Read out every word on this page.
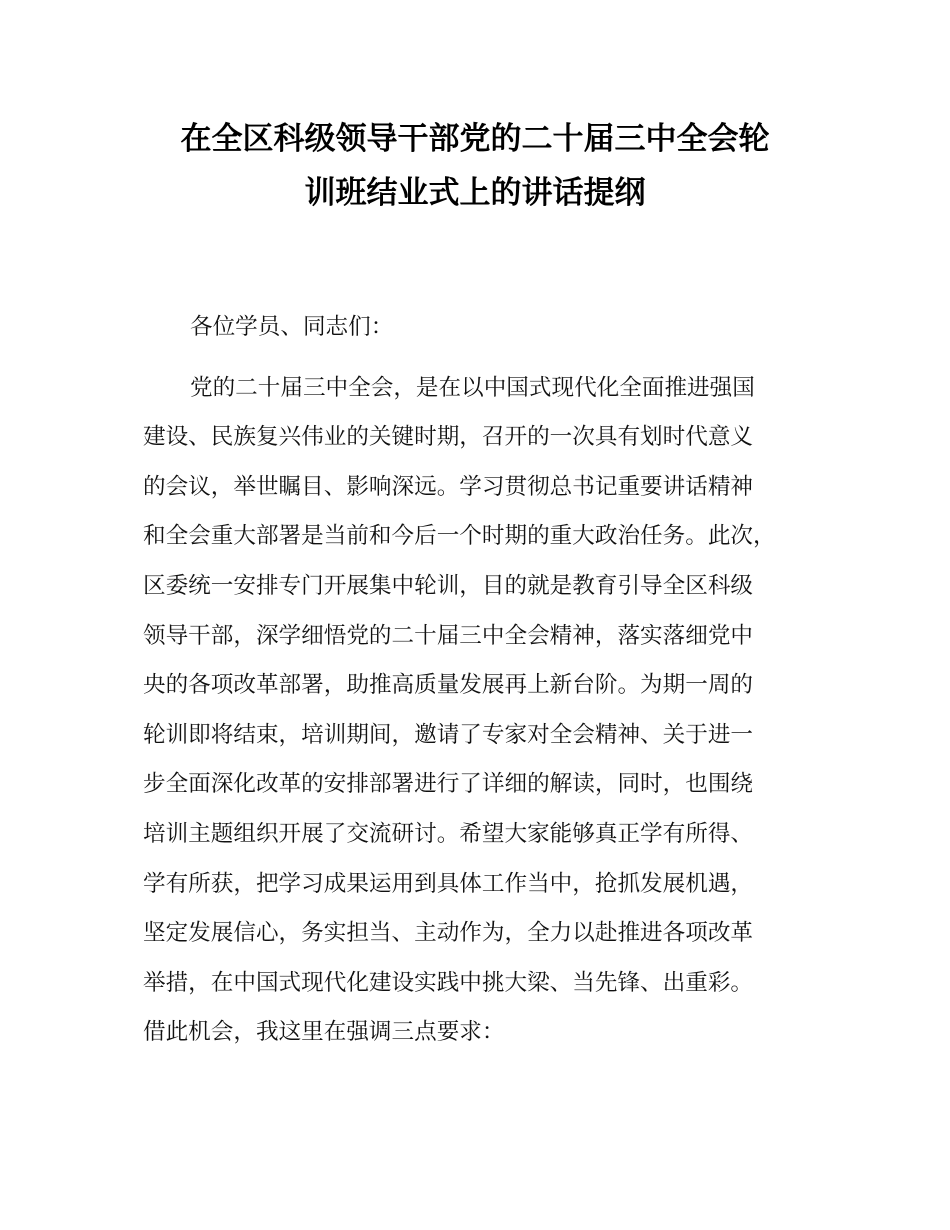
在全区科级领导干部党的二十届三中全会轮
训班结业式上的讲话提纲
各位学员、同志们：
党的二十届三中全会，是在以中国式现代化全面推进强国
建设、民族复兴伟业的关键时期，召开的一次具有划时代意义
的会议，举世瞩目、影响深远。学习贯彻总书记重要讲话精神
和全会重大部署是当前和今后一个时期的重大政治任务。此次，
区委统一安排专门开展集中轮训，目的就是教育引导全区科级
领导干部，深学细悟党的二十届三中全会精神，落实落细党中
央的各项改革部署，助推高质量发展再上新台阶。为期一周的
轮训即将结束，培训期间，邀请了专家对全会精神、关于进一
步全面深化改革的安排部署进行了详细的解读，同时，也围绕
培训主题组织开展了交流研讨。希望大家能够真正学有所得、
学有所获，把学习成果运用到具体工作当中，抢抓发展机遇，
坚定发展信心，务实担当、主动作为，全力以赴推进各项改革
举措，在中国式现代化建设实践中挑大梁、当先锋、出重彩。
借此机会，我这里在强调三点要求：
